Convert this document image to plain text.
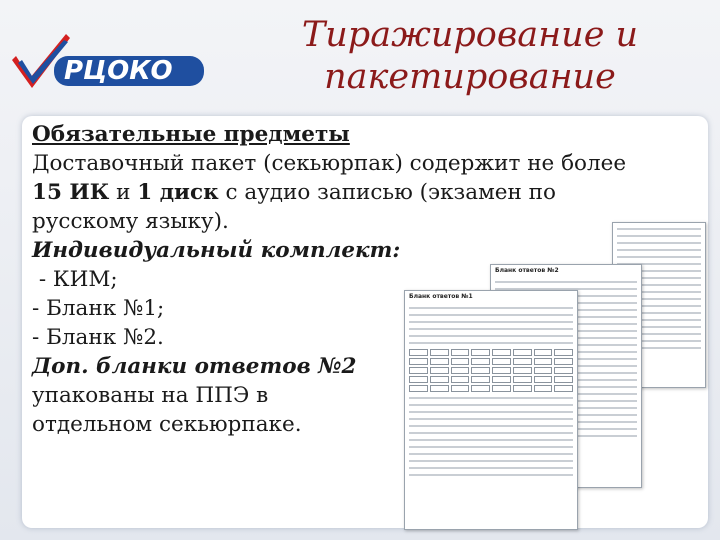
РЦОКО
Тиражирование и
пакетирование
Бланк ответов №2
Бланк ответов №1
Обязательные предметы
Доставочный пакет (секьюрпак) содержит не более
15 ИК и 1 диск с аудио записью (экзамен по
русскому языку).
Индивидуальный комплект:
- КИМ;
- Бланк №1;
- Бланк №2.
Доп. бланки ответов №2
упакованы на ППЭ в
отдельном секьюрпаке.
